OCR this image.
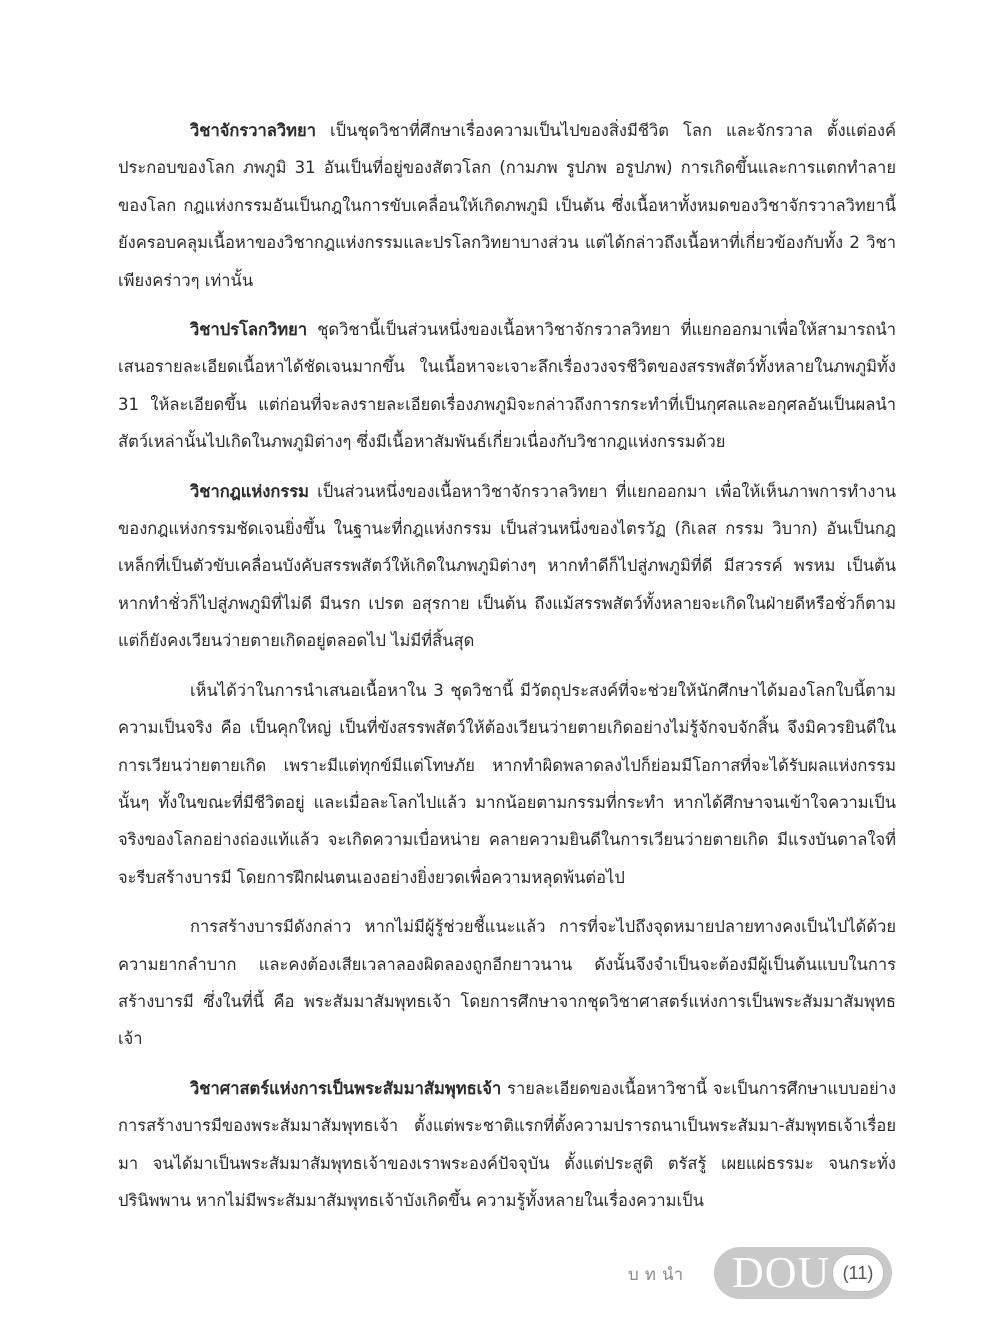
วิชาจักรวาลวิทยา เป็นชุดวิชาที่ศึกษาเรื่องความเป็นไปของสิ่งมีชีวิต โลก และจักรวาล ตั้งแต่องค์ประกอบของโลก ภพภูมิ 31 อันเป็นที่อยู่ของสัตวโลก (กามภพ รูปภพ อรูปภพ) การเกิดขึ้นและการแตกทำลายของโลก กฎแห่งกรรมอันเป็นกฎในการขับเคลื่อนให้เกิดภพภูมิ เป็นต้น ซึ่งเนื้อหาทั้งหมดของวิชาจักรวาลวิทยานี้ ยังครอบคลุมเนื้อหาของวิชากฎแห่งกรรมและปรโลกวิทยาบางส่วน แต่ได้กล่าวถึงเนื้อหาที่เกี่ยวข้องกับทั้ง 2 วิชาเพียงคร่าวๆ เท่านั้น

วิชาปรโลกวิทยา ชุดวิชานี้เป็นส่วนหนึ่งของเนื้อหาวิชาจักรวาลวิทยา ที่แยกออกมาเพื่อให้สามารถนำเสนอรายละเอียดเนื้อหาได้ชัดเจนมากขึ้น ในเนื้อหาจะเจาะลึกเรื่องวงจรชีวิตของสรรพสัตว์ทั้งหลายในภพภูมิทั้ง 31 ให้ละเอียดขึ้น แต่ก่อนที่จะลงรายละเอียดเรื่องภพภูมิจะกล่าวถึงการกระทำที่เป็นกุศลและอกุศลอันเป็นผลนำสัตว์เหล่านั้นไปเกิดในภพภูมิต่างๆ ซึ่งมีเนื้อหาสัมพันธ์เกี่ยวเนื่องกับวิชากฎแห่งกรรมด้วย

วิชากฎแห่งกรรม เป็นส่วนหนึ่งของเนื้อหาวิชาจักรวาลวิทยา ที่แยกออกมา เพื่อให้เห็นภาพการทำงานของกฎแห่งกรรมชัดเจนยิ่งขึ้น ในฐานะที่กฎแห่งกรรม เป็นส่วนหนึ่งของไตรวัฏ (กิเลส กรรม วิบาก) อันเป็นกฎเหล็กที่เป็นตัวขับเคลื่อนบังคับสรรพสัตว์ให้เกิดในภพภูมิต่างๆ หากทำดีก็ไปสู่ภพภูมิที่ดี มีสวรรค์ พรหม เป็นต้น หากทำชั่วก็ไปสู่ภพภูมิที่ไม่ดี มีนรก เปรต อสุรกาย เป็นต้น ถึงแม้สรรพสัตว์ทั้งหลายจะเกิดในฝ่ายดีหรือชั่วก็ตาม แต่ก็ยังคงเวียนว่ายตายเกิดอยู่ตลอดไป ไม่มีที่สิ้นสุด

เห็นได้ว่าในการนำเสนอเนื้อหาใน 3 ชุดวิชานี้ มีวัตถุประสงค์ที่จะช่วยให้นักศึกษาได้มองโลกใบนี้ตามความเป็นจริง คือ เป็นคุกใหญ่ เป็นที่ขังสรรพสัตว์ให้ต้องเวียนว่ายตายเกิดอย่างไม่รู้จักจบจักสิ้น จึงมิควรยินดีในการเวียนว่ายตายเกิด เพราะมีแต่ทุกข์มีแต่โทษภัย หากทำผิดพลาดลงไปก็ย่อมมีโอกาสที่จะได้รับผลแห่งกรรมนั้นๆ ทั้งในขณะที่มีชีวิตอยู่ และเมื่อละโลกไปแล้ว มากน้อยตามกรรมที่กระทำ หากได้ศึกษาจนเข้าใจความเป็นจริงของโลกอย่างถ่องแท้แล้ว จะเกิดความเบื่อหน่าย คลายความยินดีในการเวียนว่ายตายเกิด มีแรงบันดาลใจที่จะรีบสร้างบารมี โดยการฝึกฝนตนเองอย่างยิ่งยวดเพื่อความหลุดพ้นต่อไป

การสร้างบารมีดังกล่าว หากไม่มีผู้รู้ช่วยชี้แนะแล้ว การที่จะไปถึงจุดหมายปลายทางคงเป็นไปได้ด้วยความยากลำบาก และคงต้องเสียเวลาลองผิดลองถูกอีกยาวนาน ดังนั้นจึงจำเป็นจะต้องมีผู้เป็นต้นแบบในการสร้างบารมี ซึ่งในที่นี้ คือ พระสัมมาสัมพุทธเจ้า โดยการศึกษาจากชุดวิชาศาสตร์แห่งการเป็นพระสัมมาสัมพุทธเจ้า

วิชาศาสตร์แห่งการเป็นพระสัมมาสัมพุทธเจ้า รายละเอียดของเนื้อหาวิชานี้ จะเป็นการศึกษาแบบอย่างการสร้างบารมีของพระสัมมาสัมพุทธเจ้า ตั้งแต่พระชาติแรกที่ตั้งความปรารถนาเป็นพระสัมมา-สัมพุทธเจ้าเรื่อยมา จนได้มาเป็นพระสัมมาสัมพุทธเจ้าของเราพระองค์ปัจจุบัน ตั้งแต่ประสูติ ตรัสรู้ เผยแผ่ธรรมะ จนกระทั่งปรินิพพาน หากไม่มีพระสัมมาสัมพุทธเจ้าบังเกิดขึ้น ความรู้ทั้งหลายในเรื่องความเป็น

บทนำ DOU (11)
